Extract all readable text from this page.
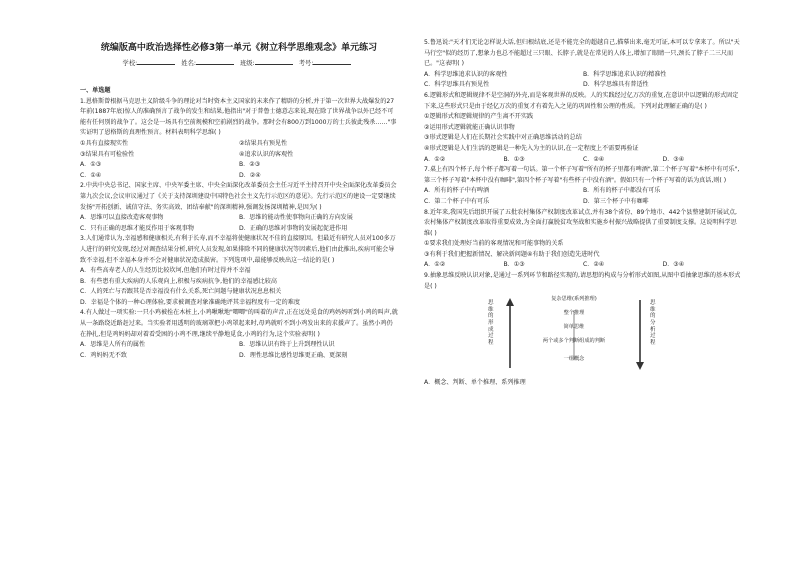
统编版高中政治选择性必修3第一单元《树立科学思维观念》单元练习
学校:	姓名:	班级:	考号:

一、单选题

1.恩格斯曾根据马克思主义阶级斗争的理论对当时资本主义国家的未来作了精辟的分析,并于第一次世界大战爆发的27年前(1887年底)惊人的准确预言了战争的发生和结果,他指出"对于普鲁士德意志来说,现在除了世界战争以外已经不可能有任何别的战争了。这会是一场具有空前规模和空前剧烈的战争。那时会有800万到1000万的士兵彼此残杀……"事实证明了恩格斯的真理性预言。材料表明科学思维( )

①具有直接现实性	②结果具有预见性
③结果具有可检验性	④追求认识的客观性
A．①③	B．②③
C．①④	D．②④

2.中共中央总书记、国家主席、中央军委主席、中央全面深化改革委员会主任习近平主持召开中央全面深化改革委员会第九次会议,会议审议通过了《关于支持深圳建设中国特色社会主义先行示范区的意见》。先行示范区的建设一定要继续发扬"开拓创新、诚信守法、务实高效、团结奉献"的深圳精神,强调发扬深圳精神,是因为( )

A．思维可以直接改造客观事物	B．思维的能动性使事物向正确的方向发展
C．只有正确的思维才能反作用于客观事物	D．正确的思维对事物的发展起促进作用

3.人们通常认为,幸福感和健康相关,有利于长寿,而不幸福将使健康状况不佳的直接原因。但最近有研究人员对100多万人进行的研究发现,经过对调查结果分析,研究人员发现,如果排除不同的健康状况等因素后,他们由此推出,疾病可能会导致不幸福,但不幸福本身并不会对健康状况造成损害。下列选项中,最能够反映出这一结论的是( )

A．有些高寿老人的人生经历比较坎坷,但他们有时过得并不幸福

B．有些患有重大疾病的人乐观向上,积极与疾病抗争,他们的幸福感比较高

C．人的死亡与否跟其是否幸福没有什么关系,死亡问题与健康状况息息相关

D．幸福是个体的一种心理体验,要求被调查对象准确地评其幸福程度有一定的难度

4.有人做过一项实验:一只小鸡被拴在木桩上,小鸡啾啾地"唧唧"的叫着的声音,正在远处觅食的鸡妈妈听到小鸡的叫声,就从一条路绕近路赶过来。当实验者用透明的玻璃罩把小鸡罩起来时,母鸡就听不到小鸡发出来的求援声了。虽然小鸡仍在挣扎,但是鸡妈妈却对着看受困的小鸡不理,继续平静地觅食,小鸡的行为,这个实验表明( )

A．思维是人所有的属性	B．思维认识有终于上升到理性认识
C．鸡妈妈无不致	D．理性思维比感性思维更正确、更深刻

5.鲁迅说:"天才们无论怎样说大话,但归根结底,还是不能完全的超越自己,描摹出来,毫无可证,本可以专拿来了。所以"天马行空"似的经历了,想象力也总不能超过三只眼、长脖子,就是在常见的人体上,增加了眼睛一只,颈长了脖子二三尺而已。"这表明( )

A．科学思维追求认识的客观性	B．科学思维追求认识的精准性
C．科学思维具有预见性	D．科学思维具有普适性

6.逻辑形式和逻辑规律不是空洞的外壳,而是客观世界的反映。人的实践经过亿万次的重复,在意识中以逻辑的形式固定下来,这些形式只是由于经亿万次的重复才有着先入之见的巩固性和公理的性质。下列对此理解正确的是( )

①逻辑形式和逻辑规律的产生离不开实践

②运用形式逻辑就能正确认识事物

③形式逻辑是人们在长期社会实践中对正确思维活动的总结

④形式逻辑是人们生活的逻辑是一种先入为主的认识,在一定程度上不需要再验证

A．①②	B．①③	C．②④	D．③④

7.桌上有四个杯子,每个杯子都写着一句话。第一个杯子写着"所有的杯子里都有啤酒",第二个杯子写着"本杯中有可乐",第三个杯子写着"本杯中没有咖啡",第四个杯子写着"有些杯子中没有酒"。假如只有一个杯子写着的话为真话,则( )

A．所有的杯子中有啤酒	B．所有的杯子中都没有可乐
C．第二个杯子中有可乐	D．第三个杯子中有咖啡

8.近年来,我国先后组织开展了五批农村集体产权制度改革试点,并有38个省份、89个地市、442个县整建制开展试点,农村集体产权制度改革取得重要成效,为全面打赢脱贫攻坚战和实施乡村振兴战略提供了重要制度支撑。这说明科学思维( )

①要求我们处理好当前的客观情况和可能事物的关系

③有利于我们把握新情况、解决新问题④有助于我们创造先进时代

A．①②	B．①③	C．②④	D．③④

9.抽象思维反映认识对象,是通过一系列环节和路径实现的,请思想的构成与分析形式如图,从图中看抽象思维的基本形式是( )

思维的形成过程
思维的分析过程
复杂思维(系列推理)
整个推理
简单思维
两个或多个判断组成的判断
一组概念

A．概念、判断、单个推理、系列推理
